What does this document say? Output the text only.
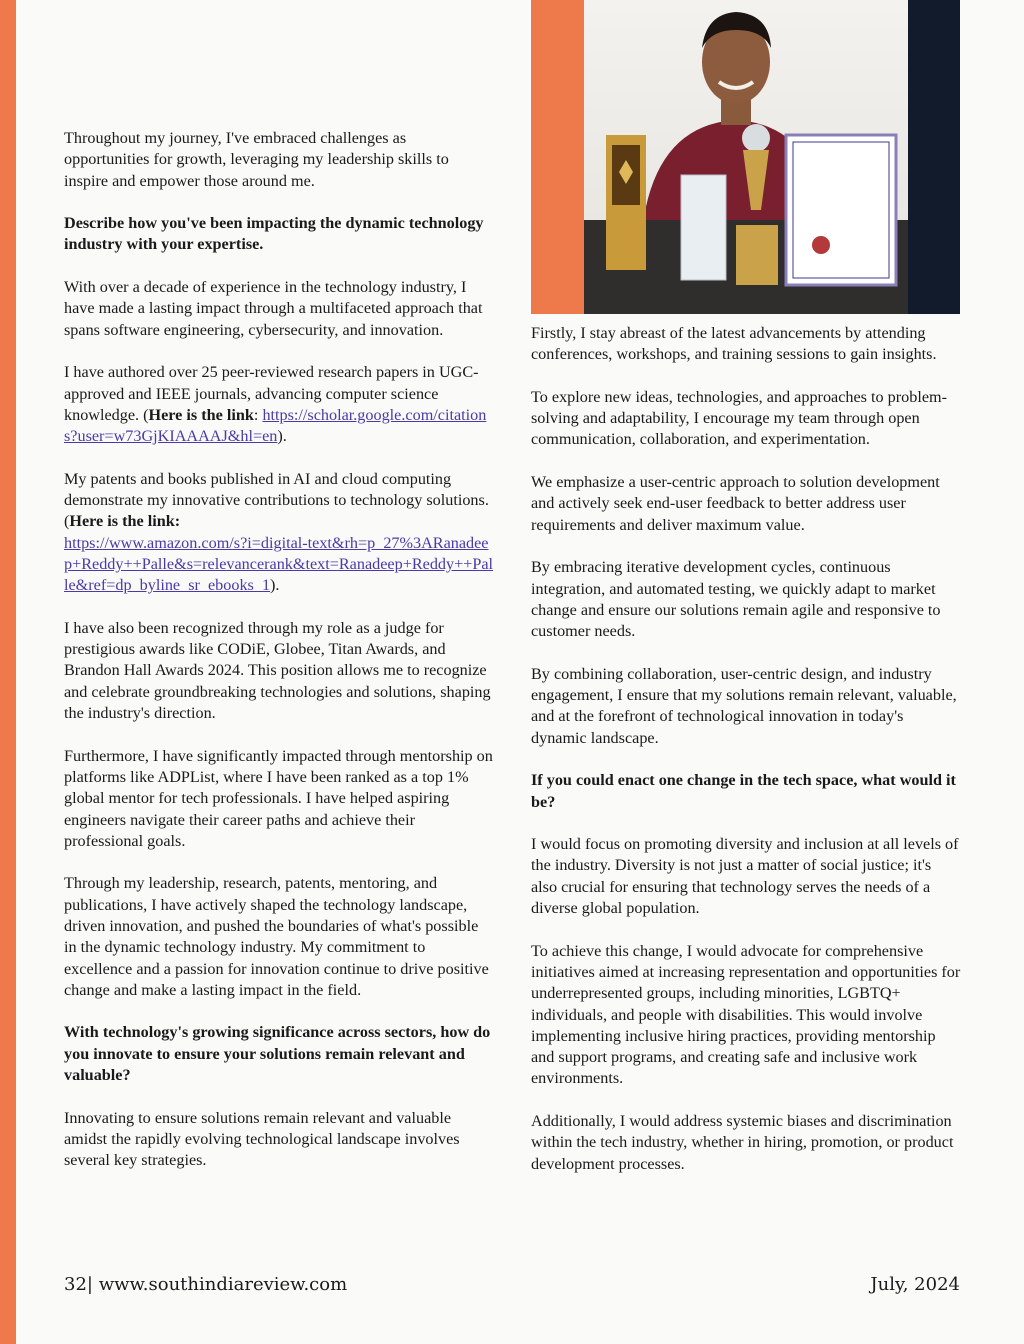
Throughout my journey, I've embraced challenges as opportunities for growth, leveraging my leadership skills to inspire and empower those around me.

Describe how you've been impacting the dynamic technology industry with your expertise.

With over a decade of experience in the technology industry, I have made a lasting impact through a multifaceted approach that spans software engineering, cybersecurity, and innovation.

I have authored over 25 peer-reviewed research papers in UGC-approved and IEEE journals, advancing computer science knowledge. (Here is the link: https://scholar.google.com/citations?user=w73GjKIAAAAJ&hl=en).

My patents and books published in AI and cloud computing demonstrate my innovative contributions to technology solutions. (Here is the link:
https://www.amazon.com/s?i=digital-text&rh=p_27%3ARanadeep+Reddy++Palle&s=relevancerank&text=Ranadeep+Reddy++Palle&ref=dp_byline_sr_ebooks_1).

I have also been recognized through my role as a judge for prestigious awards like CODiE, Globee, Titan Awards, and Brandon Hall Awards 2024. This position allows me to recognize and celebrate groundbreaking technologies and solutions, shaping the industry's direction.

Furthermore, I have significantly impacted through mentorship on platforms like ADPList, where I have been ranked as a top 1% global mentor for tech professionals. I have helped aspiring engineers navigate their career paths and achieve their professional goals.

Through my leadership, research, patents, mentoring, and publications, I have actively shaped the technology landscape, driven innovation, and pushed the boundaries of what's possible in the dynamic technology industry. My commitment to excellence and a passion for innovation continue to drive positive change and make a lasting impact in the field.

With technology's growing significance across sectors, how do you innovate to ensure your solutions remain relevant and valuable?

Innovating to ensure solutions remain relevant and valuable amidst the rapidly evolving technological landscape involves several key strategies.

Firstly, I stay abreast of the latest advancements by attending conferences, workshops, and training sessions to gain insights.

To explore new ideas, technologies, and approaches to problem-solving and adaptability, I encourage my team through open communication, collaboration, and experimentation.

We emphasize a user-centric approach to solution development and actively seek end-user feedback to better address user requirements and deliver maximum value.

By embracing iterative development cycles, continuous integration, and automated testing, we quickly adapt to market change and ensure our solutions remain agile and responsive to customer needs.

By combining collaboration, user-centric design, and industry engagement, I ensure that my solutions remain relevant, valuable, and at the forefront of technological innovation in today's dynamic landscape.

If you could enact one change in the tech space, what would it be?

I would focus on promoting diversity and inclusion at all levels of the industry. Diversity is not just a matter of social justice; it's also crucial for ensuring that technology serves the needs of a diverse global population.

To achieve this change, I would advocate for comprehensive initiatives aimed at increasing representation and opportunities for underrepresented groups, including minorities, LGBTQ+ individuals, and people with disabilities. This would involve implementing inclusive hiring practices, providing mentorship and support programs, and creating safe and inclusive work environments.

Additionally, I would address systemic biases and discrimination within the tech industry, whether in hiring, promotion, or product development processes.

32| www.southindiareview.com	July, 2024
